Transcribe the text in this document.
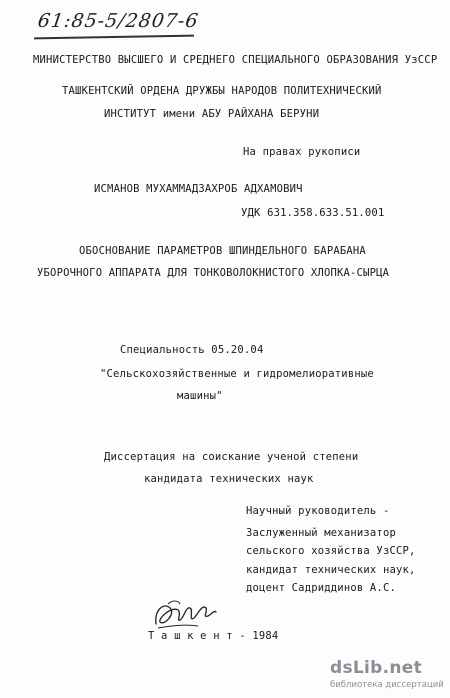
61:85-5/2807-6
МИНИСТЕРСТВО ВЫСШЕГО И СРЕДНЕГО СПЕЦИАЛЬНОГО ОБРАЗОВАНИЯ УзССР
ТАШКЕНТСКИЙ ОРДЕНА ДРУЖБЫ НАРОДОВ ПОЛИТЕХНИЧЕСКИЙ
ИНСТИТУТ имени АБУ РАЙХАНА БЕРУНИ
На правах рукописи
ИСМАНОВ МУХАММАДЗАХРОБ АДХАМОВИЧ
УДК 631.358.633.51.001
ОБОСНОВАНИЕ ПАРАМЕТРОВ ШПИНДЕЛЬНОГО БАРАБАНА
УБОРОЧНОГО АППАРАТА ДЛЯ ТОНКОВОЛОКНИСТОГО ХЛОПКА-СЫРЦА
Специальность 05.20.04
"Сельскохозяйственные и гидромелиоративные
машины"
Диссертация на соискание ученой степени
кандидата технических наук
Научный руководитель -
Заслуженный механизатор
сельского хозяйства УзССР,
кандидат технических наук,
доцент Садриддинов А.С.
Т а ш к е н т - 1984
dsLib.net
библиотека диссертаций
